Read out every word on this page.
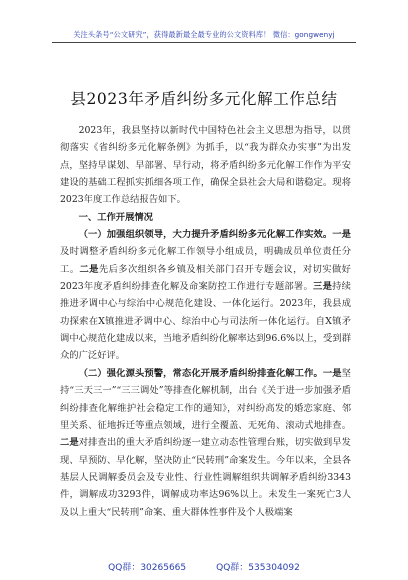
关注头条号“公文研究”，获得最新最全最专业的公文资料库！ 微信：gongwenyj
县2023年矛盾纠纷多元化解工作总结

2023年，我县坚持以新时代中国特色社会主义思想为指导，以贯彻落实《省纠纷多元化解条例》为抓手，以“我为群众办实事”为出发点，坚持早谋划、早部署、早行动，将矛盾纠纷多元化解工作作为平安建设的基础工程抓实抓细各项工作，确保全县社会大局和谐稳定。现将2023年度工作总结报告如下。

一、工作开展情况

（一）加强组织领导，大力提升矛盾纠纷多元化解工作实效。一是及时调整矛盾纠纷多元化解工作领导小组成员，明确成员单位责任分工。二是先后多次组织各乡镇及相关部门召开专题会议，对切实做好2023年度矛盾纠纷排查化解及命案防控工作进行专题部署。三是持续推进矛调中心与综治中心规范化建设、一体化运行。2023年，我县成功探索在X镇推进矛调中心、综治中心与司法所一体化运行。自X镇矛调中心规范化建成以来，当地矛盾纠纷化解率达到96.6%以上，受到群众的广泛好评。

（二）强化源头预警，常态化开展矛盾纠纷排查化解工作。一是坚持“三天三一”“三三调处”等排查化解机制，出台《关于进一步加强矛盾纠纷排查化解维护社会稳定工作的通知》，对纠纷高发的婚恋家庭、邻里关系、征地拆迁等重点领域，进行全覆盖、无死角、滚动式地排查。二是对排查出的重大矛盾纠纷逐一建立动态性管理台账，切实做到早发现、早预防、早化解，坚决防止“民转刑”命案发生。今年以来，全县各基层人民调解委员会及专业性、行业性调解组织共调解矛盾纠纷3343件，调解成功3293件，调解成功率达96%以上。未发生一案死亡3人及以上重大“民转刑”命案、重大群体性事件及个人极端案

QQ群：30265665	QQ群：535304092
